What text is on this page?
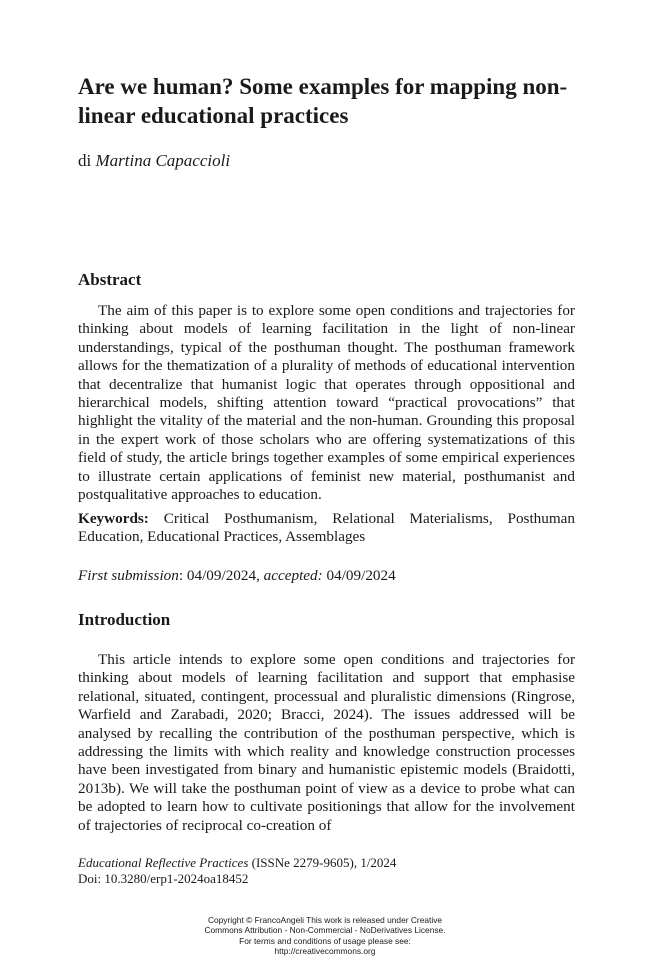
Are we human? Some examples for mapping non-linear educational practices
di Martina Capaccioli
Abstract

The aim of this paper is to explore some open conditions and trajectories for thinking about models of learning facilitation in the light of non-linear understandings, typical of the posthuman thought. The posthuman framework allows for the thematization of a plurality of methods of educational intervention that decentralize that humanist logic that operates through oppositional and hierarchical models, shifting attention toward “practical provocations” that highlight the vitality of the material and the non-human. Grounding this proposal in the expert work of those scholars who are offering systematizations of this field of study, the article brings together examples of some empirical experiences to illustrate certain applications of feminist new material, posthumanist and postqualitative approaches to education.

Keywords: Critical Posthumanism, Relational Materialisms, Posthuman Education, Educational Practices, Assemblages

First submission: 04/09/2024, accepted: 04/09/2024

Introduction

This article intends to explore some open conditions and trajectories for thinking about models of learning facilitation and support that emphasise relational, situated, contingent, processual and pluralistic dimensions (Ringrose, Warfield and Zarabadi, 2020; Bracci, 2024). The issues addressed will be analysed by recalling the contribution of the posthuman perspective, which is addressing the limits with which reality and knowledge construction processes have been investigated from binary and humanistic epistemic models (Braidotti, 2013b). We will take the posthuman point of view as a device to probe what can be adopted to learn how to cultivate positionings that allow for the involvement of trajectories of reciprocal co-creation of

Educational Reflective Practices (ISSNe 2279-9605), 1/2024
Doi: 10.3280/erp1-2024oa18452
Copyright © FrancoAngeli This work is released under Creative
Commons Attribution - Non-Commercial - NoDerivatives License.
For terms and conditions of usage please see:
http://creativecommons.org
